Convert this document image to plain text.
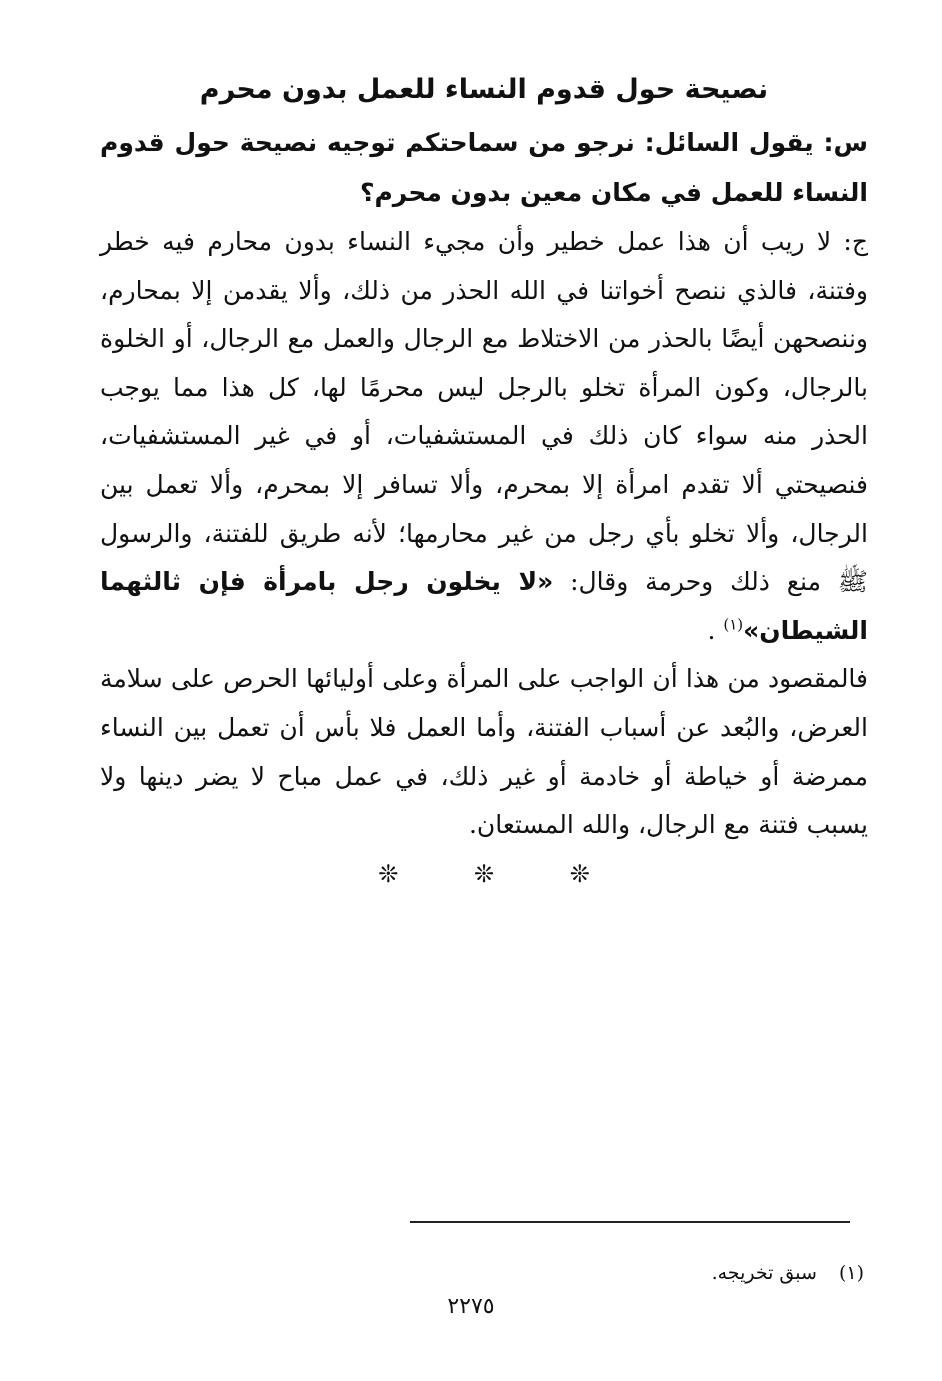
نصيحة حول قدوم النساء للعمل بدون محرم

س: يقول السائل: نرجو من سماحتكم توجيه نصيحة حول قدوم النساء للعمل في مكان معين بدون محرم؟

ج: لا ريب أن هذا عمل خطير وأن مجيء النساء بدون محارم فيه خطر وفتنة، فالذي ننصح أخواتنا في الله الحذر من ذلك، وألا يقدمن إلا بمحارم، وننصحهن أيضًا بالحذر من الاختلاط مع الرجال والعمل مع الرجال، أو الخلوة بالرجال، وكون المرأة تخلو بالرجل ليس محرمًا لها، كل هذا مما يوجب الحذر منه سواء كان ذلك في المستشفيات، أو في غير المستشفيات، فنصيحتي ألا تقدم امرأة إلا بمحرم، وألا تسافر إلا بمحرم، وألا تعمل بين الرجال، وألا تخلو بأي رجل من غير محارمها؛ لأنه طريق للفتنة، والرسول ﷺ منع ذلك وحرمة وقال: «لا يخلون رجل بامرأة فإن ثالثهما الشيطان»$^{(١)}$ .

فالمقصود من هذا أن الواجب على المرأة وعلى أوليائها الحرص على سلامة العرض، والبُعد عن أسباب الفتنة، وأما العمل فلا بأس أن تعمل بين النساء ممرضة أو خياطة أو خادمة أو غير ذلك، في عمل مباح لا يضر دينها ولا يسبب فتنة مع الرجال، والله المستعان.

❊ ❊ ❊
(١)سبق تخريجه.
٢٢٧٥
